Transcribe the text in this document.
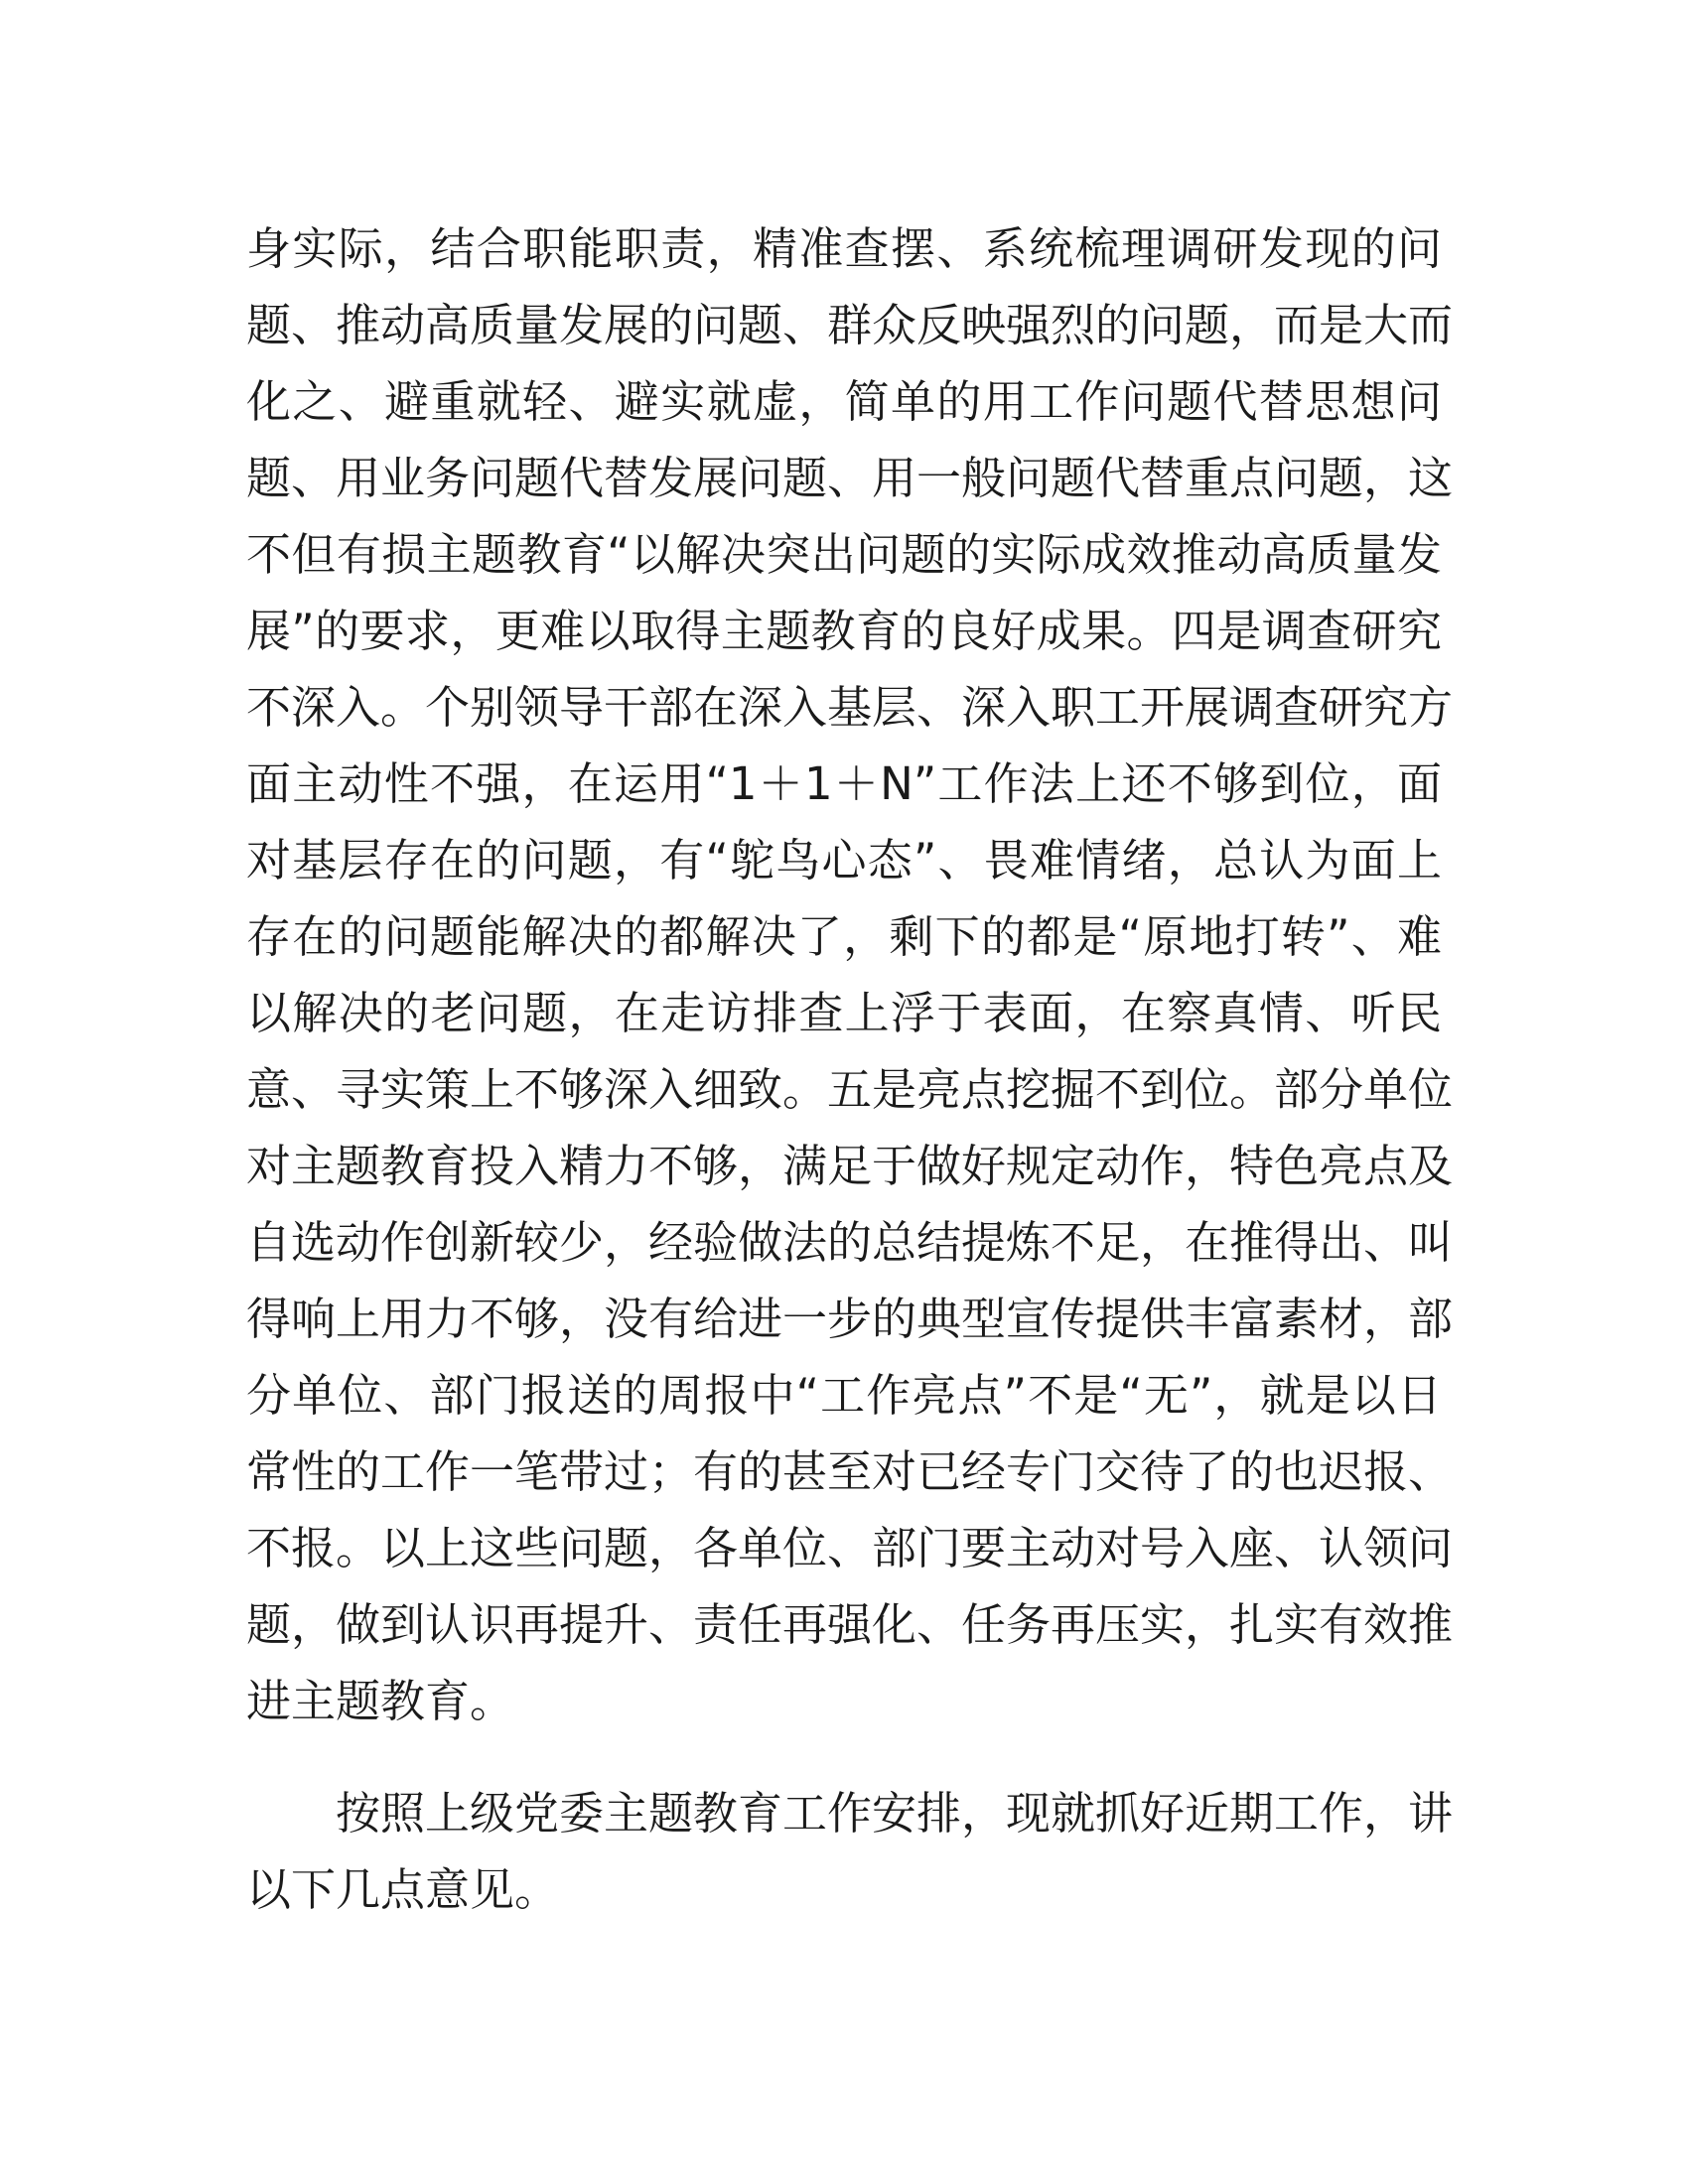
身实际，结合职能职责，精准查摆、系统梳理调研发现的问
题、推动高质量发展的问题、群众反映强烈的问题，而是大而
化之、避重就轻、避实就虚，简单的用工作问题代替思想问
题、用业务问题代替发展问题、用一般问题代替重点问题，这
不但有损主题教育“以解决突出问题的实际成效推动高质量发
展”的要求，更难以取得主题教育的良好成果。四是调查研究
不深入。个别领导干部在深入基层、深入职工开展调查研究方
面主动性不强，在运用“1＋1＋N”工作法上还不够到位，面
对基层存在的问题，有“鸵鸟心态”、畏难情绪，总认为面上
存在的问题能解决的都解决了，剩下的都是“原地打转”、难
以解决的老问题，在走访排查上浮于表面，在察真情、听民
意、寻实策上不够深入细致。五是亮点挖掘不到位。部分单位
对主题教育投入精力不够，满足于做好规定动作，特色亮点及
自选动作创新较少，经验做法的总结提炼不足，在推得出、叫
得响上用力不够，没有给进一步的典型宣传提供丰富素材，部
分单位、部门报送的周报中“工作亮点”不是“无”，就是以日
常性的工作一笔带过；有的甚至对已经专门交待了的也迟报、
不报。以上这些问题，各单位、部门要主动对号入座、认领问
题，做到认识再提升、责任再强化、任务再压实，扎实有效推
进主题教育。
按照上级党委主题教育工作安排，现就抓好近期工作，讲
以下几点意见。
